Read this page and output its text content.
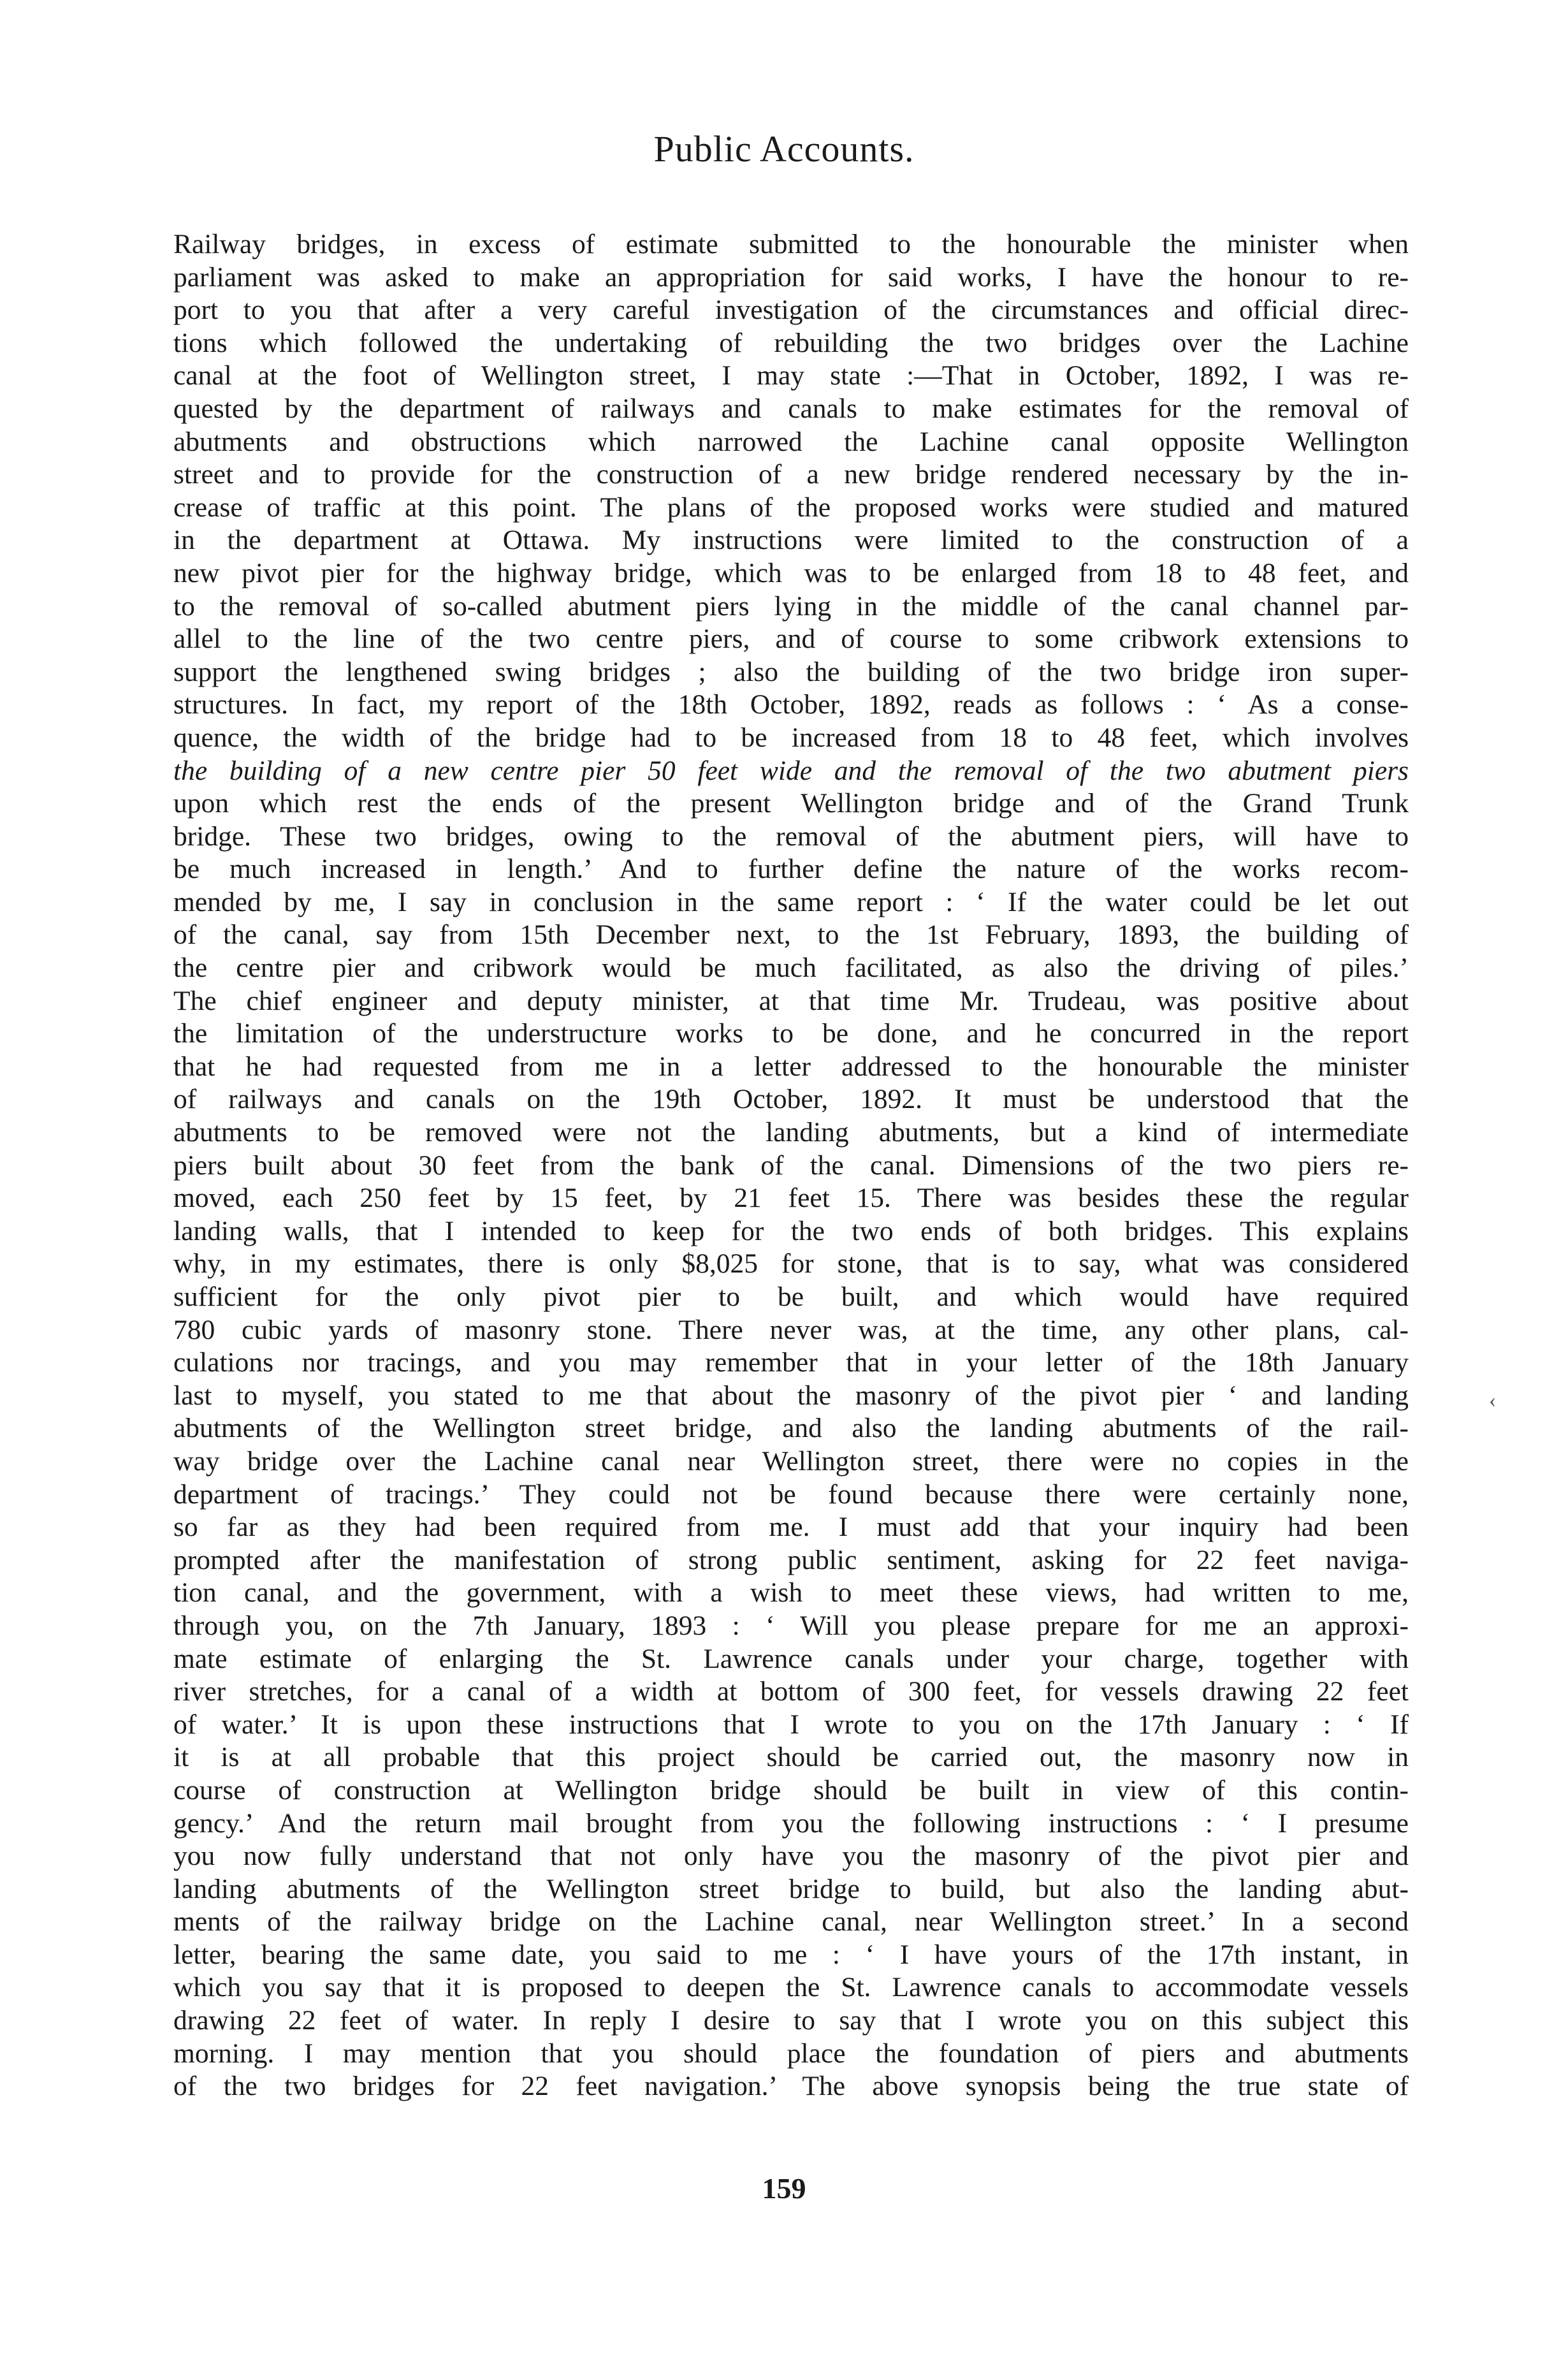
Public Accounts.
Railway bridges, in excess of estimate submitted to the honourable the minister when
parliament was asked to make an appropriation for said works, I have the honour to re-
port to you that after a very careful investigation of the circumstances and official direc-
tions which followed the undertaking of rebuilding the two bridges over the Lachine
canal at the foot of Wellington street, I may state :—That in October, 1892, I was re-
quested by the department of railways and canals to make estimates for the removal of
abutments and obstructions which narrowed the Lachine canal opposite Wellington
street and to provide for the construction of a new bridge rendered necessary by the in-
crease of traffic at this point. The plans of the proposed works were studied and matured
in the department at Ottawa. My instructions were limited to the construction of a
new pivot pier for the highway bridge, which was to be enlarged from 18 to 48 feet, and
to the removal of so-called abutment piers lying in the middle of the canal channel par-
allel to the line of the two centre piers, and of course to some cribwork extensions to
support the lengthened swing bridges ; also the building of the two bridge iron super-
structures. In fact, my report of the 18th October, 1892, reads as follows : ‘ As a conse-
quence, the width of the bridge had to be increased from 18 to 48 feet, which involves
the building of a new centre pier 50 feet wide and the removal of the two abutment piers
upon which rest the ends of the present Wellington bridge and of the Grand Trunk
bridge. These two bridges, owing to the removal of the abutment piers, will have to
be much increased in length.’ And to further define the nature of the works recom-
mended by me, I say in conclusion in the same report : ‘ If the water could be let out
of the canal, say from 15th December next, to the 1st February, 1893, the building of
the centre pier and cribwork would be much facilitated, as also the driving of piles.’
The chief engineer and deputy minister, at that time Mr. Trudeau, was positive about
the limitation of the understructure works to be done, and he concurred in the report
that he had requested from me in a letter addressed to the honourable the minister
of railways and canals on the 19th October, 1892. It must be understood that the
abutments to be removed were not the landing abutments, but a kind of intermediate
piers built about 30 feet from the bank of the canal. Dimensions of the two piers re-
moved, each 250 feet by 15 feet, by 21 feet 15. There was besides these the regular
landing walls, that I intended to keep for the two ends of both bridges. This explains
why, in my estimates, there is only $8,025 for stone, that is to say, what was considered
sufficient for the only pivot pier to be built, and which would have required
780 cubic yards of masonry stone. There never was, at the time, any other plans, cal-
culations nor tracings, and you may remember that in your letter of the 18th January
last to myself, you stated to me that about the masonry of the pivot pier ‘ and landing
abutments of the Wellington street bridge, and also the landing abutments of the rail-
way bridge over the Lachine canal near Wellington street, there were no copies in the
department of tracings.’ They could not be found because there were certainly none,
so far as they had been required from me. I must add that your inquiry had been
prompted after the manifestation of strong public sentiment, asking for 22 feet naviga-
tion canal, and the government, with a wish to meet these views, had written to me,
through you, on the 7th January, 1893 : ‘ Will you please prepare for me an approxi-
mate estimate of enlarging the St. Lawrence canals under your charge, together with
river stretches, for a canal of a width at bottom of 300 feet, for vessels drawing 22 feet
of water.’ It is upon these instructions that I wrote to you on the 17th January : ‘ If
it is at all probable that this project should be carried out, the masonry now in
course of construction at Wellington bridge should be built in view of this contin-
gency.’ And the return mail brought from you the following instructions : ‘ I presume
you now fully understand that not only have you the masonry of the pivot pier and
landing abutments of the Wellington street bridge to build, but also the landing abut-
ments of the railway bridge on the Lachine canal, near Wellington street.’ In a second
letter, bearing the same date, you said to me : ‘ I have yours of the 17th instant, in
which you say that it is proposed to deepen the St. Lawrence canals to accommodate vessels
drawing 22 feet of water. In reply I desire to say that I wrote you on this subject this
morning. I may mention that you should place the foundation of piers and abutments
of the two bridges for 22 feet navigation.’ The above synopsis being the true state of
‹
159
